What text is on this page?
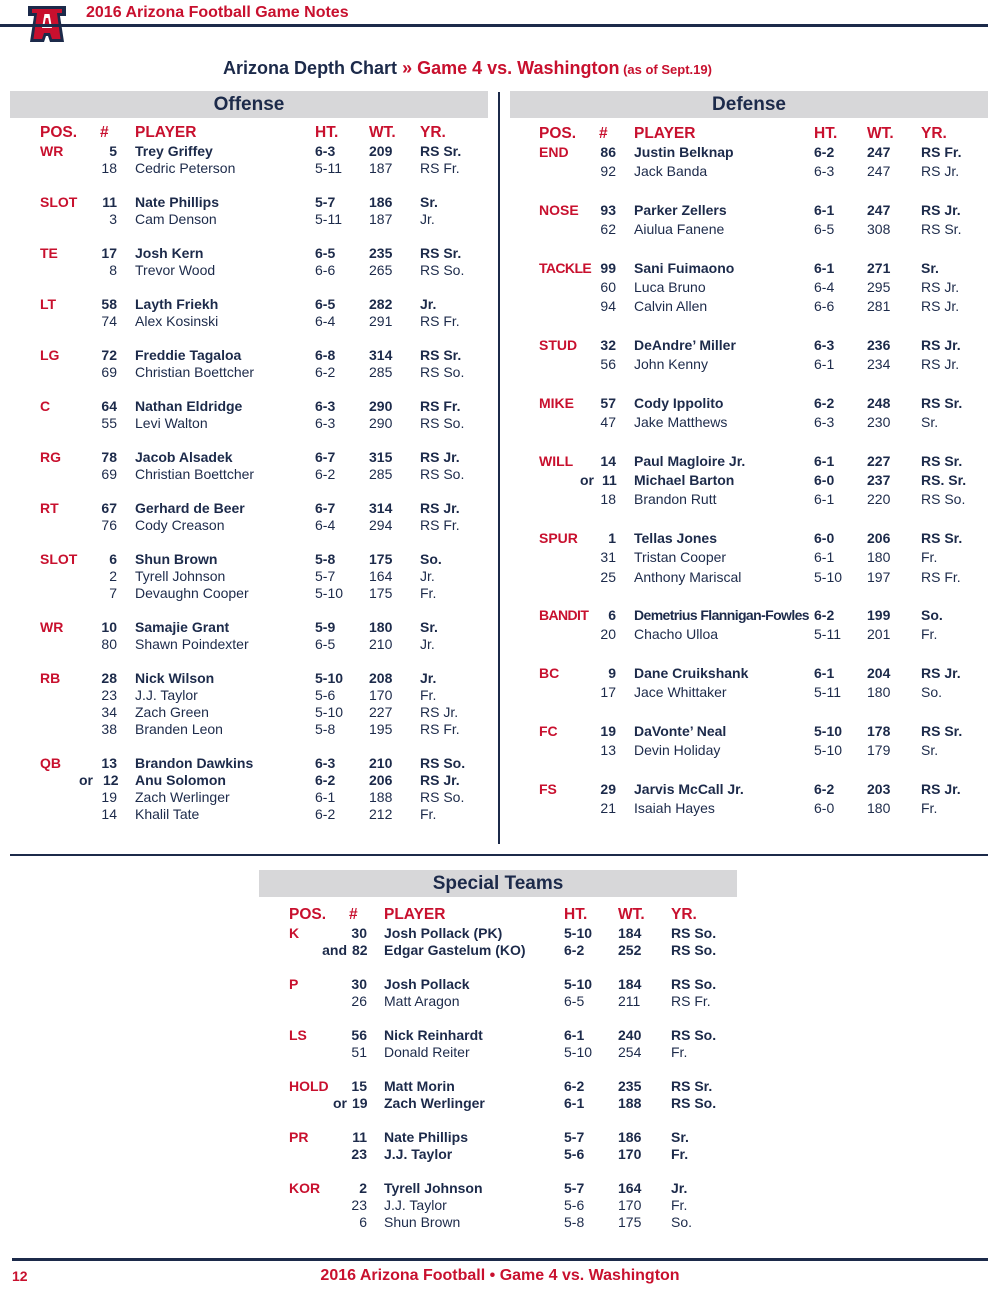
2016 Arizona Football Game Notes
Arizona Depth Chart » Game 4 vs. Washington (as of Sept.19)
Offense	Defense
Special Teams
POS. # PLAYER	HT. WT. YR.
WR	5 Trey Griffey	6-3 209 RS Sr.
18 Cedric Peterson	5-11 187 RS Fr.
SLOT	11 Nate Phillips	5-7 186 Sr.
3 Cam Denson	5-11 187 Jr.
TE	17 Josh Kern	6-5 235 RS Sr.
8 Trevor Wood	6-6 265 RS So.
LT	58 Layth Friekh	6-5 282 Jr.
74 Alex Kosinski	6-4 291 RS Fr.
LG	72 Freddie Tagaloa	6-8 314 RS Sr.
69 Christian Boettcher	6-2 285 RS So.
C	64 Nathan Eldridge	6-3 290 RS Fr.
55 Levi Walton	6-3 290 RS So.
RG	78 Jacob Alsadek	6-7 315 RS Jr.
69 Christian Boettcher	6-2 285 RS So.
RT	67 Gerhard de Beer	6-7 314 RS Jr.
76 Cody Creason	6-4 294 RS Fr.
SLOT	6 Shun Brown	5-8 175 So.
2 Tyrell Johnson	5-7 164 Jr.
7 Devaughn Cooper	5-10 175 Fr.
WR	10 Samajie Grant	5-9 180 Sr.
80 Shawn Poindexter	6-5 210 Jr.
RB	28 Nick Wilson	5-10 208 Jr.
23 J.J. Taylor	5-6 170 Fr.
34 Zach Green	5-10 227 RS Jr.
38 Branden Leon	5-8 195 RS Fr.
QB	13 Brandon Dawkins	6-3 210 RS So.
or 12 Anu Solomon	6-2 206 RS Jr.
19 Zach Werlinger	6-1 188 RS So.
14 Khalil Tate	6-2 212 Fr.
POS. # PLAYER	HT. WT. YR.
END	86 Justin Belknap	6-2 247 RS Fr.
92 Jack Banda	6-3 247 RS Jr.
NOSE	93 Parker Zellers	6-1 247 RS Jr.
62 Aiulua Fanene	6-5 308 RS Sr.
TACKLE 99 Sani Fuimaono	6-1 271 Sr.
60 Luca Bruno	6-4 295 RS Jr.
94 Calvin Allen	6-6 281 RS Jr.
STUD	32 DeAndre’ Miller	6-3 236 RS Jr.
56 John Kenny	6-1 234 RS Jr.
MIKE	57 Cody Ippolito	6-2 248 RS Sr.
47 Jake Matthews	6-3 230 Sr.
WILL	14 Paul Magloire Jr.	6-1 227 RS Sr.
or 11 Michael Barton	6-0 237 RS. Sr.
18 Brandon Rutt	6-1 220 RS So.
SPUR	1 Tellas Jones	6-0 206 RS Sr.
31 Tristan Cooper	6-1 180 Fr.
25 Anthony Mariscal	5-10 197 RS Fr.
BANDIT	6 Demetrius Flannigan-Fowles 6-2 199 So.
20 Chacho Ulloa	5-11 201 Fr.
BC	9 Dane Cruikshank	6-1 204 RS Jr.
17 Jace Whittaker	5-11 180 So.
FC	19 DaVonte’ Neal	5-10 178 RS Sr.
13 Devin Holiday	5-10 179 Sr.
FS	29 Jarvis McCall Jr.	6-2 203 RS Jr.
21 Isaiah Hayes	6-0 180 Fr.
POS. # PLAYER	HT. WT. YR.
K	30 Josh Pollack (PK)	5-10 184 RS So.
and 82 Edgar Gastelum (KO)	6-2 252 RS So.
P	30 Josh Pollack	5-10 184 RS So.
26 Matt Aragon	6-5 211 RS Fr.
LS	56 Nick Reinhardt	6-1 240 RS So.
51 Donald Reiter	5-10 254 Fr.
HOLD	15 Matt Morin	6-2 235 RS Sr.
or 19 Zach Werlinger	6-1 188 RS So.
PR	11 Nate Phillips	5-7 186 Sr.
23 J.J. Taylor	5-6 170 Fr.
KOR	2 Tyrell Johnson	5-7 164 Jr.
23 J.J. Taylor	5-6 170 Fr.
6 Shun Brown	5-8 175 So.
12	2016 Arizona Football • Game 4 vs. Washington
